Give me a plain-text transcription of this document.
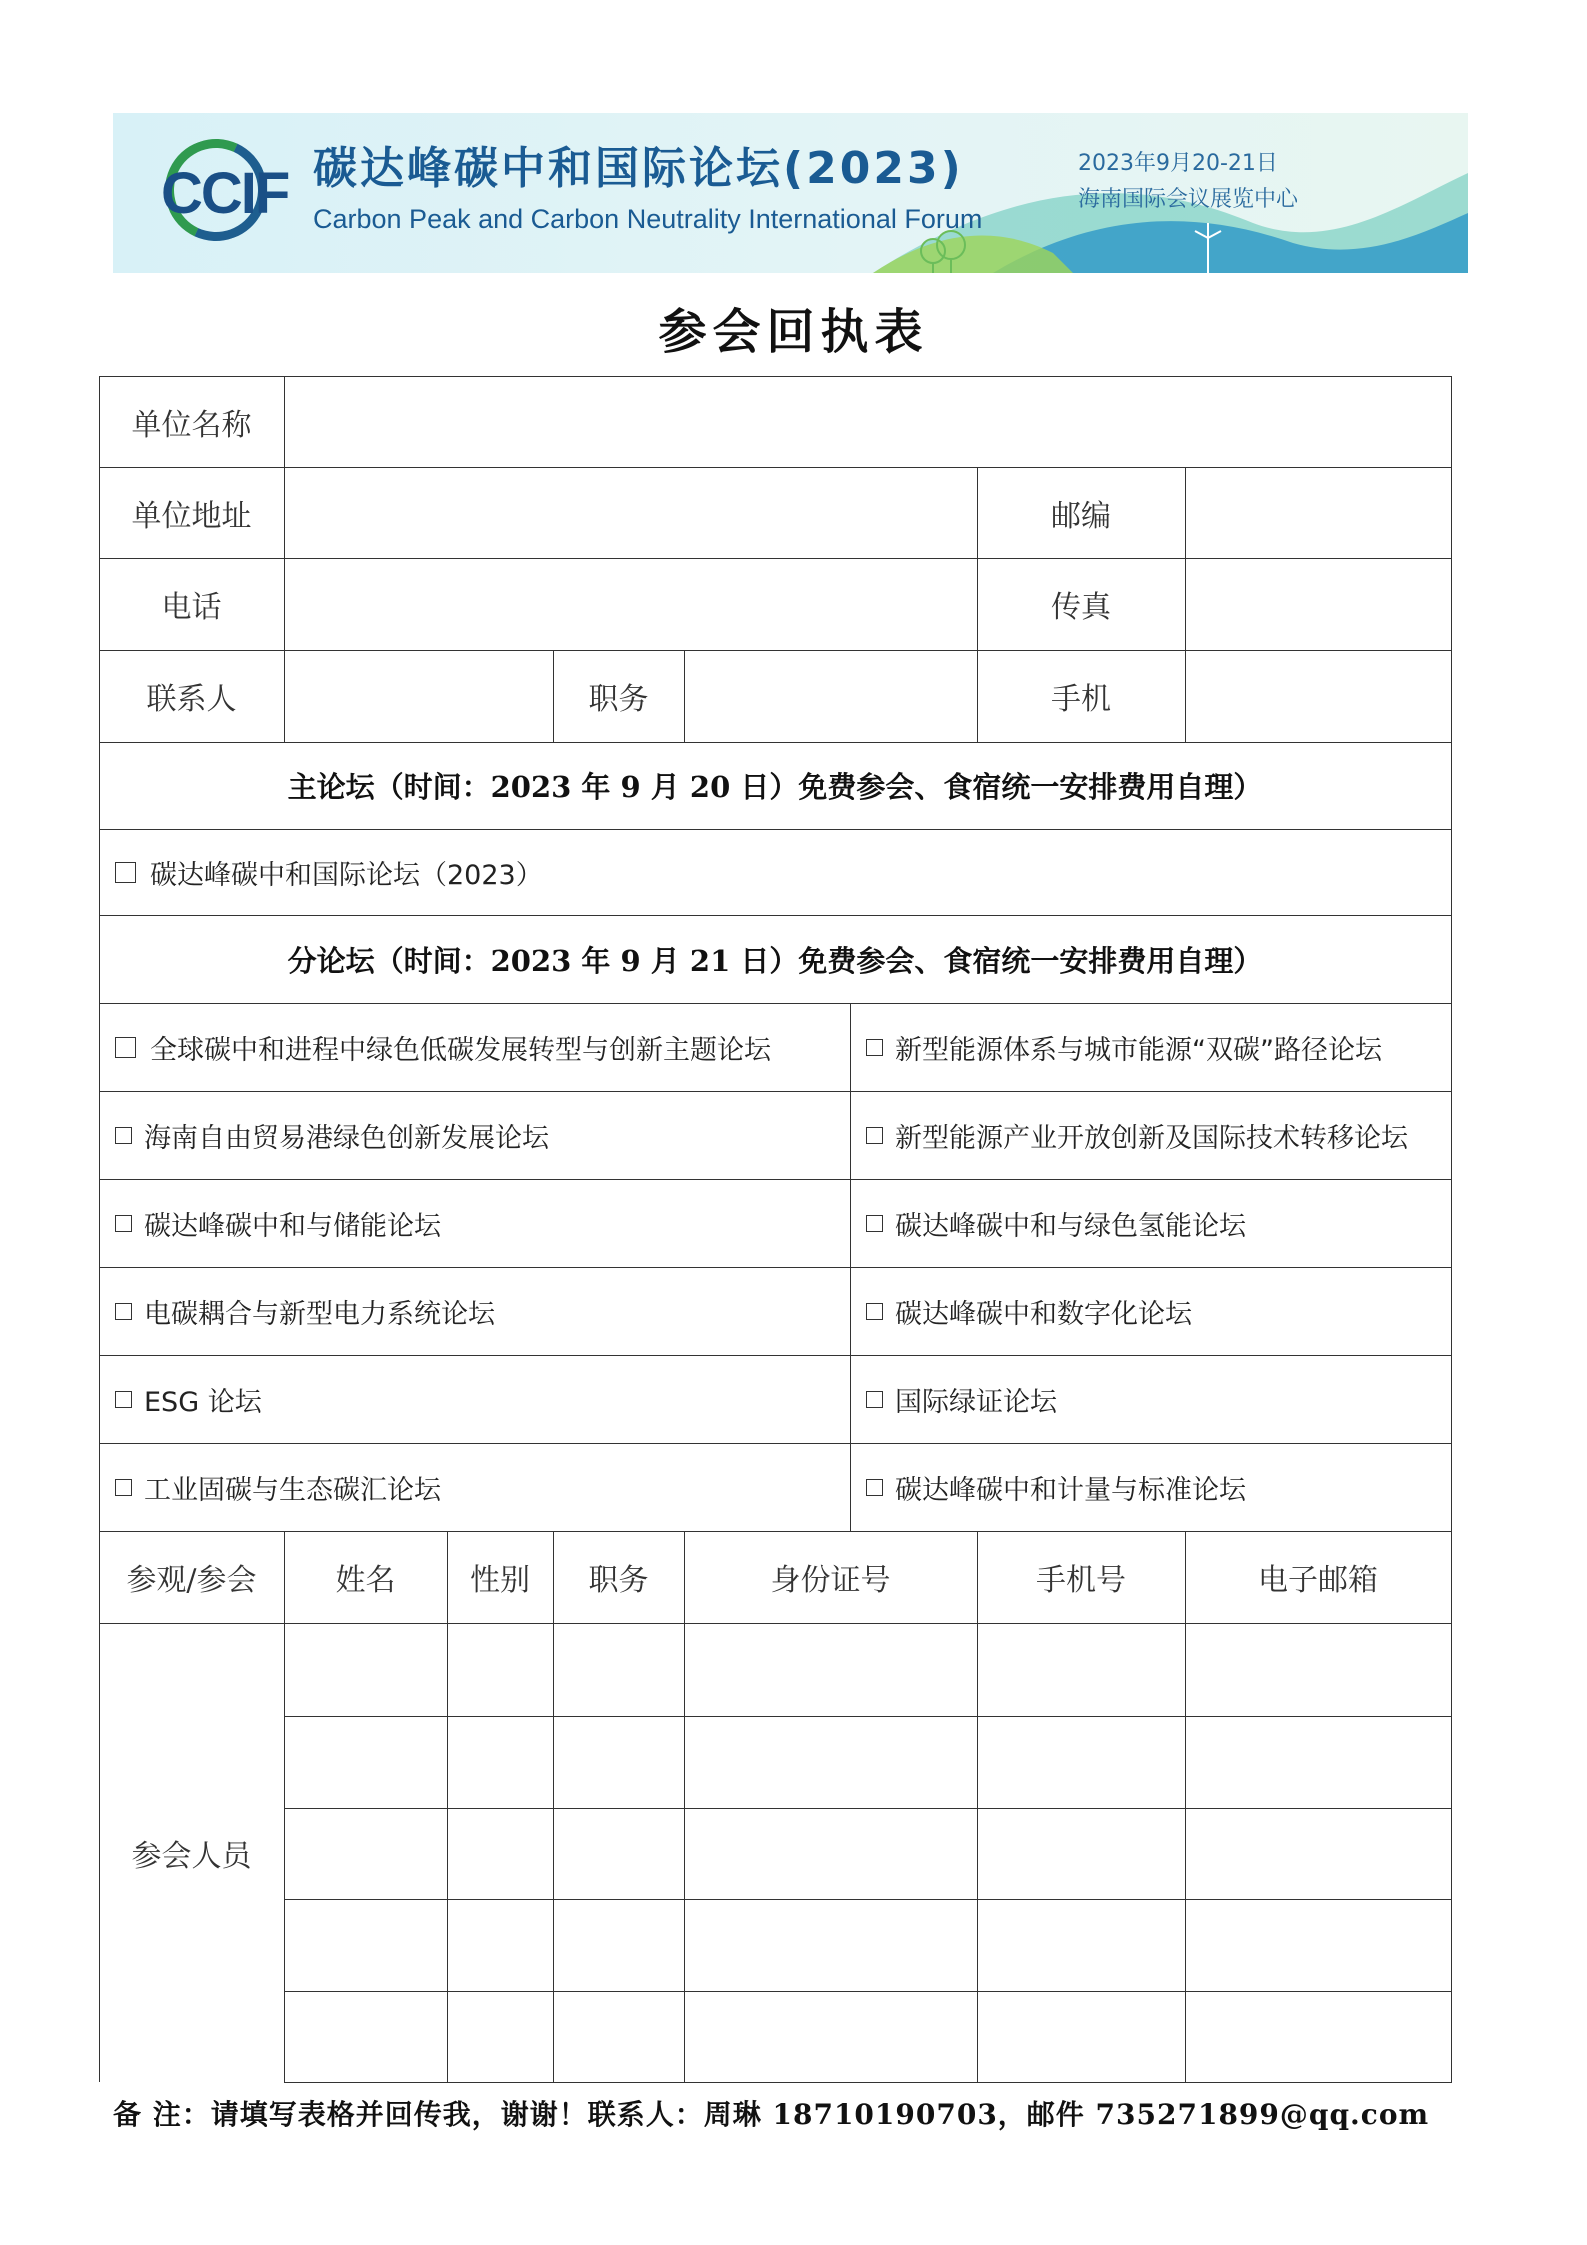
CCIF 碳达峰碳中和国际论坛(2023)
Carbon Peak and Carbon Neutrality International Forum
2023年9月20-21日
海南国际会议展览中心
参会回执表
单位名称
单位地址	邮编
电话	传真
联系人	职务	手机
主论坛（时间：2023 年 9 月 20 日）免费参会、食宿统一安排费用自理）
碳达峰碳中和国际论坛（2023）
分论坛（时间：2023 年 9 月 21 日）免费参会、食宿统一安排费用自理）
全球碳中和进程中绿色低碳发展转型与创新主题论坛	新型能源体系与城市能源“双碳”路径论坛
海南自由贸易港绿色创新发展论坛	新型能源产业开放创新及国际技术转移论坛
碳达峰碳中和与储能论坛	碳达峰碳中和与绿色氢能论坛
电碳耦合与新型电力系统论坛	碳达峰碳中和数字化论坛
ESG 论坛	国际绿证论坛
工业固碳与生态碳汇论坛	碳达峰碳中和计量与标准论坛
参观/参会	姓名	性别	职务	身份证号	手机号	电子邮箱
参会人员
备 注：请填写表格并回传我，谢谢！联系人：周琳 18710190703，邮件 735271899@qq.com
